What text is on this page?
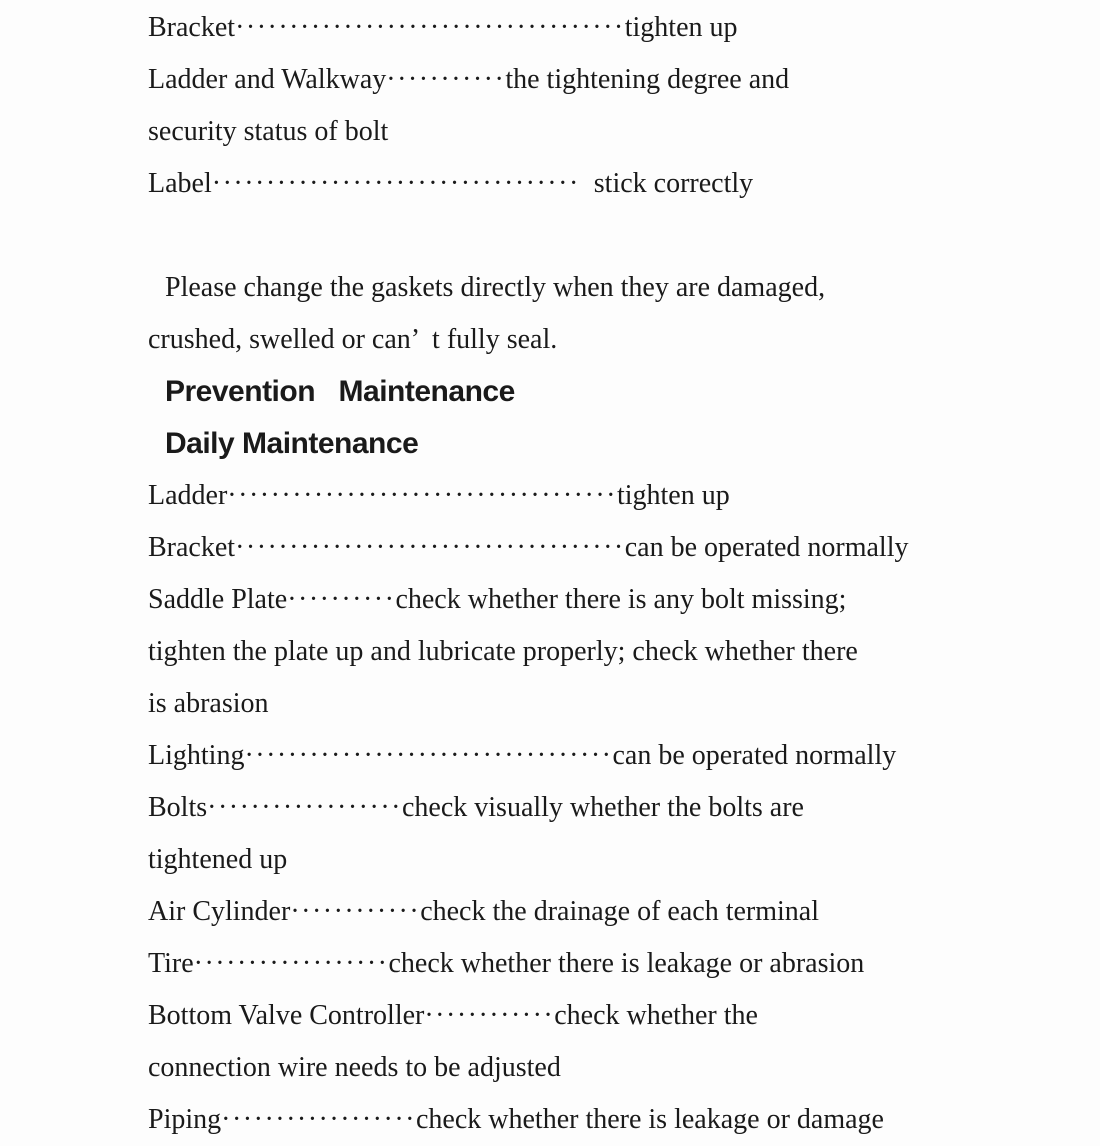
Bracket····································tighten up
Ladder and Walkway···········the tightening degree and
security status of bolt
Label··································  stick correctly
Please change the gaskets directly when they are damaged,
crushed, swelled or can’  t fully seal.
Prevention   Maintenance
Daily Maintenance
Ladder····································tighten up
Bracket····································can be operated normally
Saddle Plate··········check whether there is any bolt missing;
tighten the plate up and lubricate properly; check whether there
is abrasion
Lighting··································can be operated normally
Bolts··················check visually whether the bolts are
tightened up
Air Cylinder············check the drainage of each terminal
Tire··················check whether there is leakage or abrasion
Bottom Valve Controller············check whether the
connection wire needs to be adjusted
Piping··················check whether there is leakage or damage
